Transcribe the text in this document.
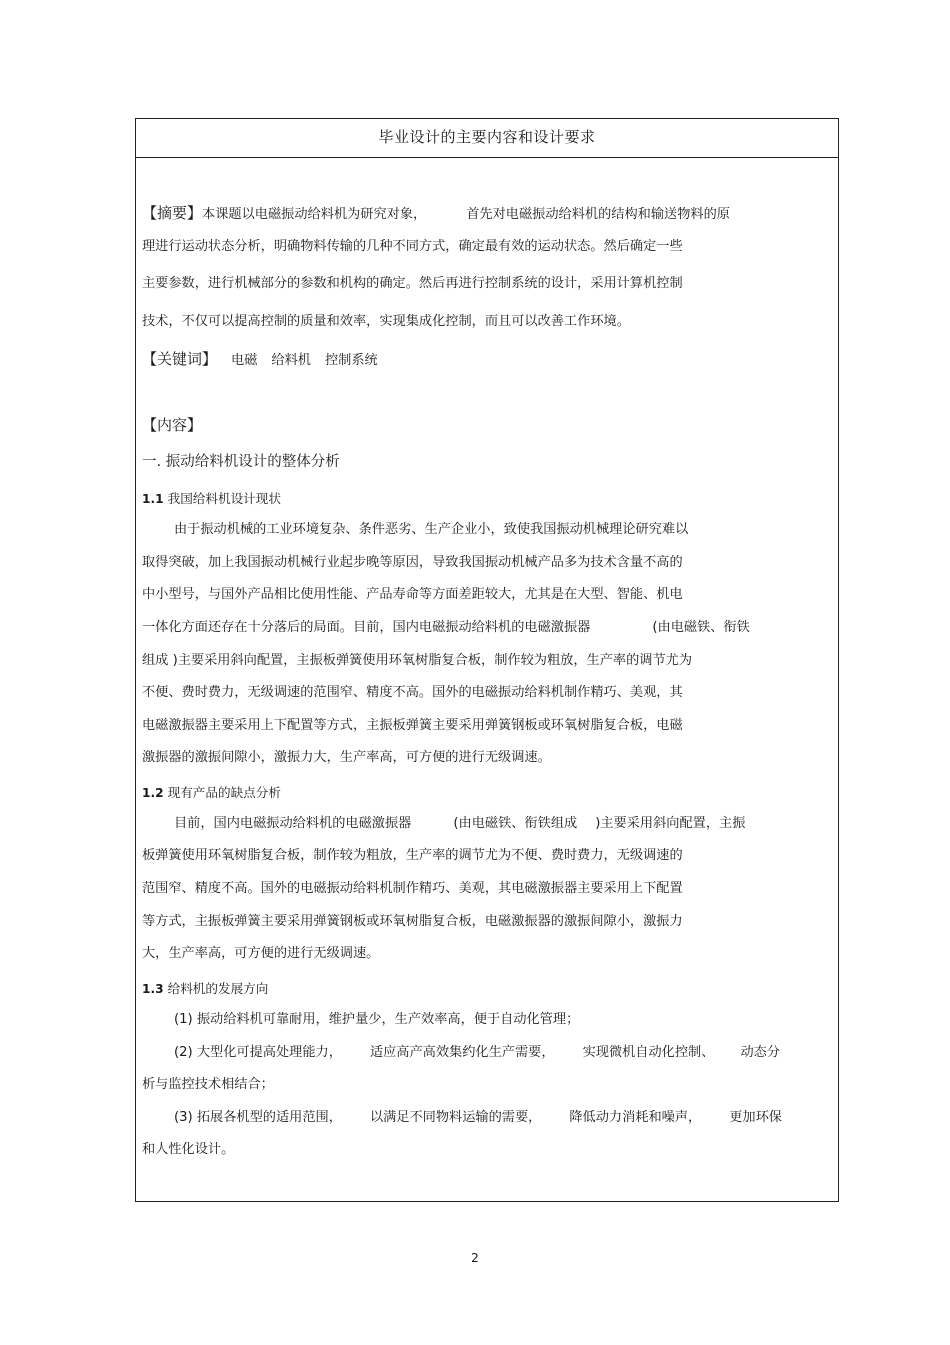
毕业设计的主要内容和设计要求
【摘要】本课题以电磁振动给料机为研究对象，	首先对电磁振动给料机的结构和输送物料的原
理进行运动状态分析，明确物料传输的几种不同方式，确定最有效的运动状态。然后确定一些
主要参数，进行机械部分的参数和机构的确定。然后再进行控制系统的设计，采用计算机控制
技术，不仅可以提高控制的质量和效率，实现集成化控制，而且可以改善工作环境。
【关键词】 电磁 给料机 控制系统
【内容】
一. 振动给料机设计的整体分析
1.1 我国给料机设计现状
由于振动机械的工业环境复杂、条件恶劣、生产企业小，致使我国振动机械理论研究难以
取得突破，加上我国振动机械行业起步晚等原因，导致我国振动机械产品多为技术含量不高的
中小型号，与国外产品相比使用性能、产品寿命等方面差距较大，尤其是在大型、智能、机电
一体化方面还存在十分落后的局面。目前，国内电磁振动给料机的电磁激振器	(由电磁铁、衔铁
组成 )主要采用斜向配置，主振板弹簧使用环氧树脂复合板，制作较为粗放，生产率的调节尤为
不便、费时费力，无级调速的范围窄、精度不高。国外的电磁振动给料机制作精巧、美观，其
电磁激振器主要采用上下配置等方式，主振板弹簧主要采用弹簧钢板或环氧树脂复合板，电磁
激振器的激振间隙小，激振力大，生产率高，可方便的进行无级调速。
1.2 现有产品的缺点分析
目前，国内电磁振动给料机的电磁激振器	(由电磁铁、衔铁组成 )主要采用斜向配置，主振
板弹簧使用环氧树脂复合板，制作较为粗放，生产率的调节尤为不便、费时费力，无级调速的
范围窄、精度不高。国外的电磁振动给料机制作精巧、美观，其电磁激振器主要采用上下配置
等方式，主振板弹簧主要采用弹簧钢板或环氧树脂复合板，电磁激振器的激振间隙小，激振力
大，生产率高，可方便的进行无级调速。
1.3 给料机的发展方向
(1) 振动给料机可靠耐用，维护量少，生产效率高，便于自动化管理；
(2) 大型化可提高处理能力， 适应高产高效集约化生产需要， 实现微机自动化控制、 动态分
析与监控技术相结合；
(3) 拓展各机型的适用范围， 以满足不同物料运输的需要， 降低动力消耗和噪声， 更加环保
和人性化设计。
2
